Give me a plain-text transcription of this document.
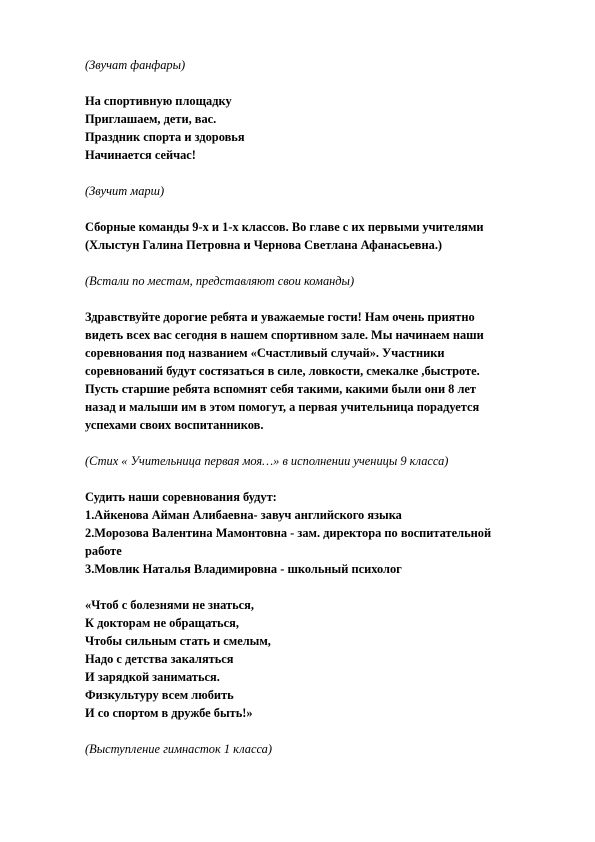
(Звучат фанфары)
На спортивную площадку
Приглашаем, дети, вас.
Праздник спорта и здоровья
Начинается сейчас!
(Звучит марш)
Сборные команды 9-х и 1-х классов. Во главе с их первыми учителями
(Хлыстун Галина Петровна и Чернова Светлана Афанасьевна.)
(Встали по местам, представляют свои команды)
Здравствуйте дорогие ребята и уважаемые гости! Нам очень приятно
видеть всех вас сегодня в нашем спортивном зале. Мы начинаем наши
соревнования под названием «Счастливый случай». Участники
соревнований будут состязаться в силе, ловкости, смекалке ,быстроте.
Пусть старшие ребята вспомнят себя такими, какими были они 8 лет
назад и малыши им в этом помогут, а первая учительница порадуется
успехами своих воспитанников.
(Стих « Учительница первая моя…» в исполнении ученицы 9 класса)
Судить наши соревнования будут:
1.Айкенова Айман Алибаевна- завуч английского языка
2.Морозова Валентина Мамонтовна - зам. директора по воспитательной
работе
3.Мовлик Наталья Владимировна - школьный психолог
«Чтоб с болезнями не знаться,
К докторам не обращаться,
Чтобы сильным стать и смелым,
Надо с детства закаляться
И зарядкой заниматься.
Физкультуру всем любить
И со спортом в дружбе быть!»
(Выступление гимнасток 1 класса)
